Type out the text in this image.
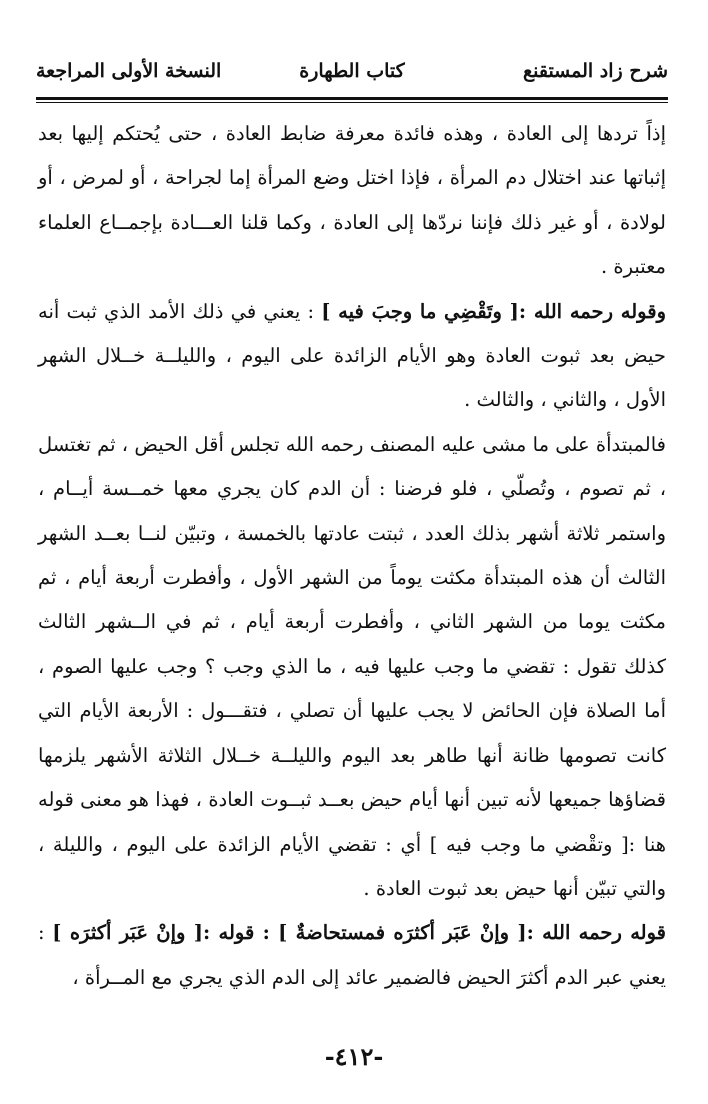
شرح زاد المستقنع
كتاب الطهارة
النسخة الأولى المراجعة

إذاً تردها إلى العادة ، وهذه فائدة معرفة ضابط العادة ، حتى يُحتكم إليها بعد إثباتها عند اختلال دم المرأة ، فإذا اختل وضع المرأة إما لجراحة ، أو لمرض ، أو لولادة ، أو غير ذلك فإننا نردّها إلى العادة ، وكما قلنا العـــادة بإجمــاع العلماء معتبرة .

وقوله رحمه الله :[ وتَقْضِي ما وجبَ فيه ] : يعني في ذلك الأمد الذي ثبت أنه حيض بعد ثبوت العادة وهو الأيام الزائدة على اليوم ، والليلــة خــلال الشهر الأول ، والثاني ، والثالث .

فالمبتدأة على ما مشى عليه المصنف رحمه الله تجلس أقل الحيض ، ثم تغتسل ، ثم تصوم ، وتُصلّي ، فلو فرضنا : أن الدم كان يجري معها خمــسة أيــام ، واستمر ثلاثة أشهر بذلك العدد ، ثبتت عادتها بالخمسة ، وتبيّن لنــا بعــد الشهر الثالث أن هذه المبتدأة مكثت يوماً من الشهر الأول ، وأفطرت أربعة أيام ، ثم مكثت يوما من الشهر الثاني ، وأفطرت أربعة أيام ، ثم في الــشهر الثالث كذلك تقول : تقضي ما وجب عليها فيه ، ما الذي وجب ؟ وجب عليها الصوم ، أما الصلاة فإن الحائض لا يجب عليها أن تصلي ، فتقـــول : الأربعة الأيام التي كانت تصومها ظانة أنها طاهر بعد اليوم والليلــة خــلال الثلاثة الأشهر يلزمها قضاؤها جميعها لأنه تبين أنها أيام حيض بعــد ثبــوت العادة ، فهذا هو معنى قوله هنا :[ وتقْضي ما وجب فيه ] أي : تقضي الأيام الزائدة على اليوم ، والليلة ، والتي تبيّن أنها حيض بعد ثبوت العادة .

قوله رحمه الله :[ وإنْ عَبَر أكثرَه فمستحاضةٌ ] : قوله :[ وإنْ عَبَر أكثرَه ] : يعني عبر الدم أكثرَ الحيض فالضمير عائد إلى الدم الذي يجري مع المــرأة ،

-٤١٢-
